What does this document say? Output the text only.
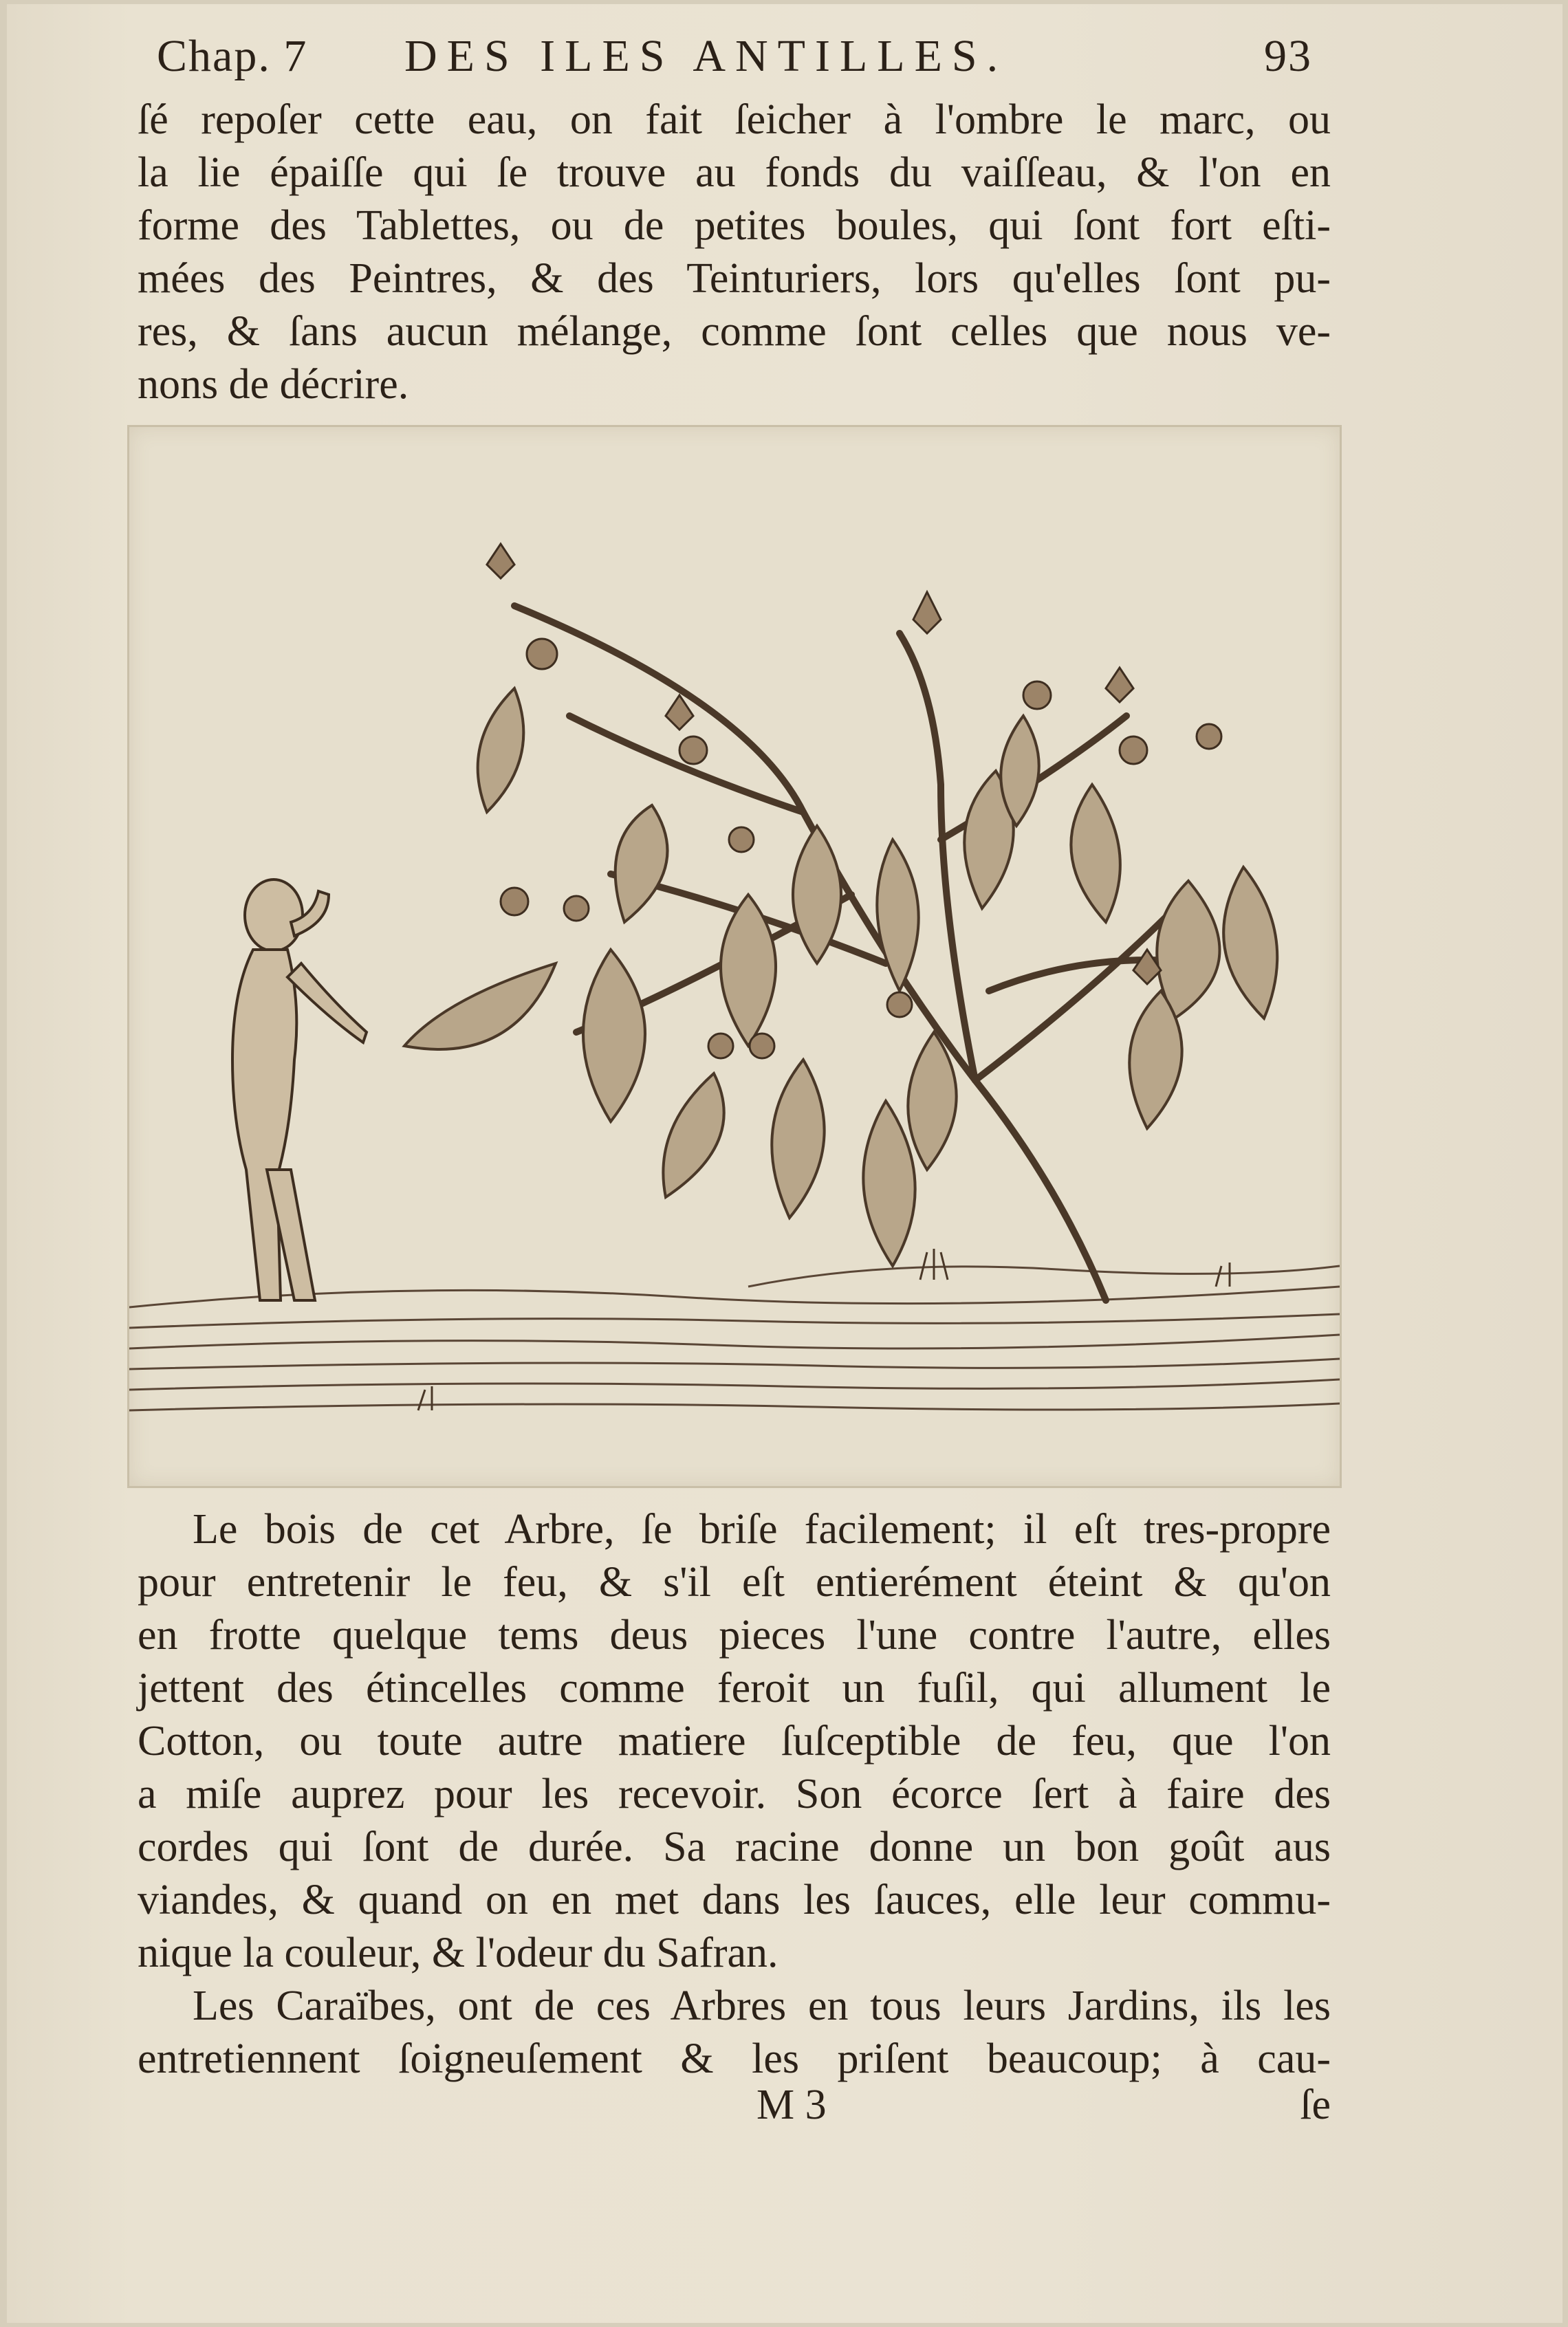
Chap. 7 DES ILES ANTILLES.	93
ſé repoſer cette eau, on fait ſeicher à l'ombre le marc, ou
la lie épaiſſe qui ſe trouve au fonds du vaiſſeau, & l'on en
forme des Tablettes, ou de petites boules, qui ſont fort eſti-
mées des Peintres, & des Teinturiers, lors qu'elles ſont pu-
res, & ſans aucun mélange, comme ſont celles que nous ve-
nons de décrire.
Le bois de cet Arbre, ſe briſe facilement; il eſt tres-propre
pour entretenir le feu, & s'il eſt entierément éteint & qu'on
en frotte quelque tems deus pieces l'une contre l'autre, elles
jettent des étincelles comme feroit un fuſil, qui allument le
Cotton, ou toute autre matiere ſuſceptible de feu, que l'on
a miſe auprez pour les recevoir. Son écorce ſert à faire des
cordes qui ſont de durée. Sa racine donne un bon goût aus
viandes, & quand on en met dans les ſauces, elle leur commu-
nique la couleur, & l'odeur du Safran.
Les Caraïbes, ont de ces Arbres en tous leurs Jardins, ils les
entretiennent ſoigneuſement & les priſent beaucoup; à cau-
M 3	ſe
